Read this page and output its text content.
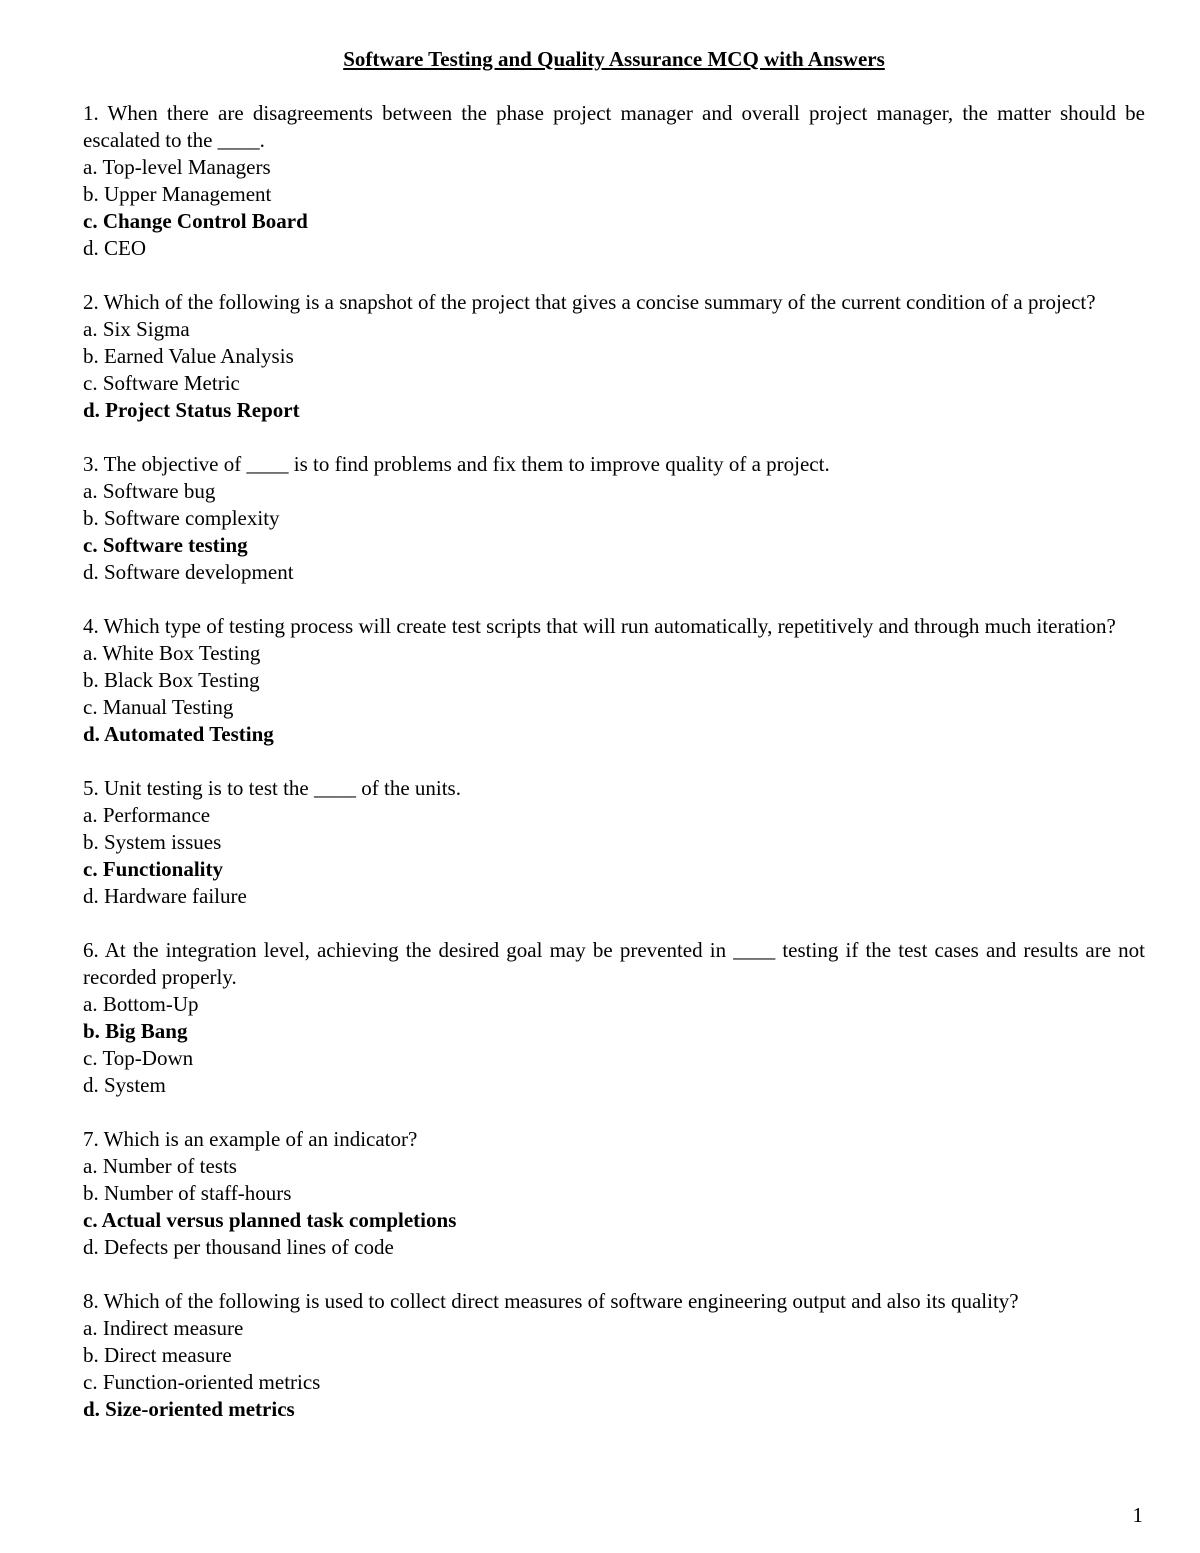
Software Testing and Quality Assurance MCQ with Answers

1. When there are disagreements between the phase project manager and overall project manager, the matter should be escalated to the ____.

a. Top-level Managers

b. Upper Management

c. Change Control Board

d. CEO

2. Which of the following is a snapshot of the project that gives a concise summary of the current condition of a project?

a. Six Sigma

b. Earned Value Analysis

c. Software Metric

d. Project Status Report

3. The objective of ____ is to find problems and fix them to improve quality of a project.

a. Software bug

b. Software complexity

c. Software testing

d. Software development

4. Which type of testing process will create test scripts that will run automatically, repetitively and through much iteration?

a. White Box Testing

b. Black Box Testing

c. Manual Testing

d. Automated Testing

5. Unit testing is to test the ____ of the units.

a. Performance

b. System issues

c. Functionality

d. Hardware failure

6. At the integration level, achieving the desired goal may be prevented in ____ testing if the test cases and results are not recorded properly.

a. Bottom-Up

b. Big Bang

c. Top-Down

d. System

7. Which is an example of an indicator?

a. Number of tests

b. Number of staff-hours

c. Actual versus planned task completions

d. Defects per thousand lines of code

8. Which of the following is used to collect direct measures of software engineering output and also its quality?

a. Indirect measure

b. Direct measure

c. Function-oriented metrics

d. Size-oriented metrics

1
